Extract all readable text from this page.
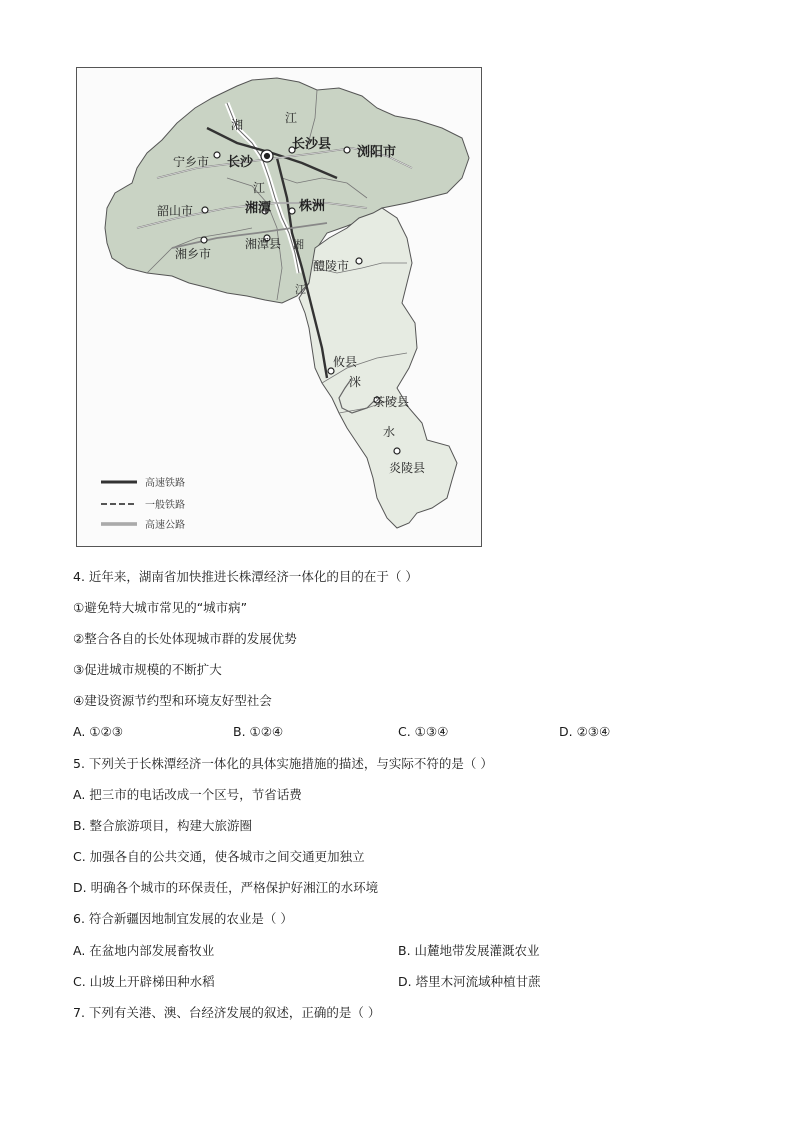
湘	江
长沙
长沙县
宁乡市
浏阳市
江
韶山市	湘潭 株洲
湘潭县
湘乡市
醴陵市
攸县
洣
茶陵县
水
炎陵县
湘
江
高速铁路
一般铁路
高速公路
4. 近年来，湖南省加快推进长株潭经济一体化的目的在于（ ）
①避免特大城市常见的“城市病”
②整合各自的长处体现城市群的发展优势
③促进城市规模的不断扩大
④建设资源节约型和环境友好型社会
A. ①②③	B. ①②④	C. ①③④	D. ②③④
5. 下列关于长株潭经济一体化的具体实施措施的描述，与实际不符的是（ ）
A. 把三市的电话改成一个区号，节省话费
B. 整合旅游项目，构建大旅游圈
C. 加强各自的公共交通，使各城市之间交通更加独立
D. 明确各个城市的环保责任，严格保护好湘江的水环境
6. 符合新疆因地制宜发展的农业是（ ）
A. 在盆地内部发展畜牧业	B. 山麓地带发展灌溉农业
C. 山坡上开辟梯田种水稻	D. 塔里木河流域种植甘蔗
7. 下列有关港、澳、台经济发展的叙述，正确的是（ ）
